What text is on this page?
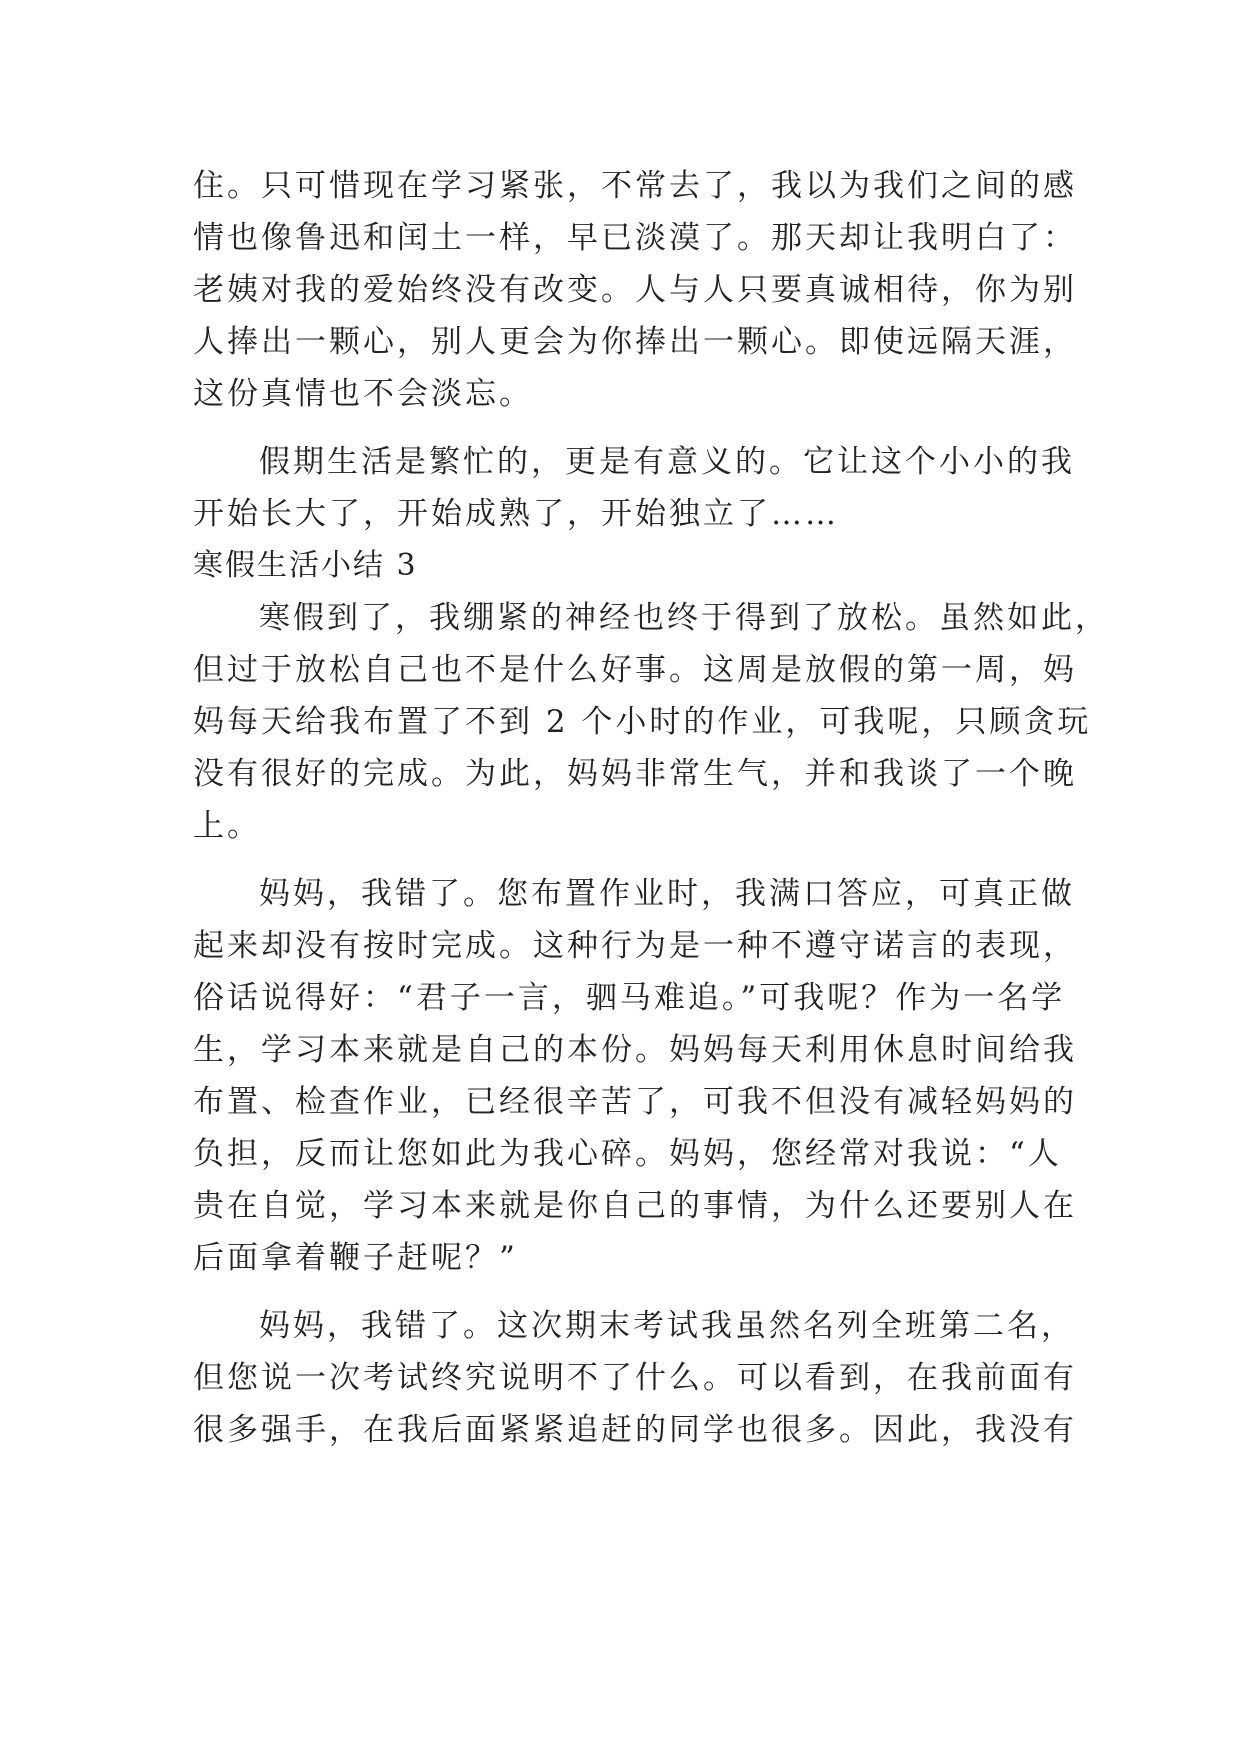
住。只可惜现在学习紧张，不常去了，我以为我们之间的感
情也像鲁迅和闰土一样，早已淡漠了。那天却让我明白了：
老姨对我的爱始终没有改变。人与人只要真诚相待，你为别
人捧出一颗心，别人更会为你捧出一颗心。即使远隔天涯，
这份真情也不会淡忘。
假期生活是繁忙的，更是有意义的。它让这个小小的我
开始长大了，开始成熟了，开始独立了……
寒假生活小结 3
寒假到了，我绷紧的神经也终于得到了放松。虽然如此，
但过于放松自己也不是什么好事。这周是放假的第一周，妈
妈每天给我布置了不到 2 个小时的作业，可我呢，只顾贪玩
没有很好的完成。为此，妈妈非常生气，并和我谈了一个晚
上。
妈妈，我错了。您布置作业时，我满口答应，可真正做
起来却没有按时完成。这种行为是一种不遵守诺言的表现，
俗话说得好：“君子一言，驷马难追。”可我呢？作为一名学
生，学习本来就是自己的本份。妈妈每天利用休息时间给我
布置、检查作业，已经很辛苦了，可我不但没有减轻妈妈的
负担，反而让您如此为我心碎。妈妈，您经常对我说：“人
贵在自觉，学习本来就是你自己的事情，为什么还要别人在
后面拿着鞭子赶呢？”
妈妈，我错了。这次期末考试我虽然名列全班第二名，
但您说一次考试终究说明不了什么。可以看到，在我前面有
很多强手，在我后面紧紧追赶的同学也很多。因此，我没有
